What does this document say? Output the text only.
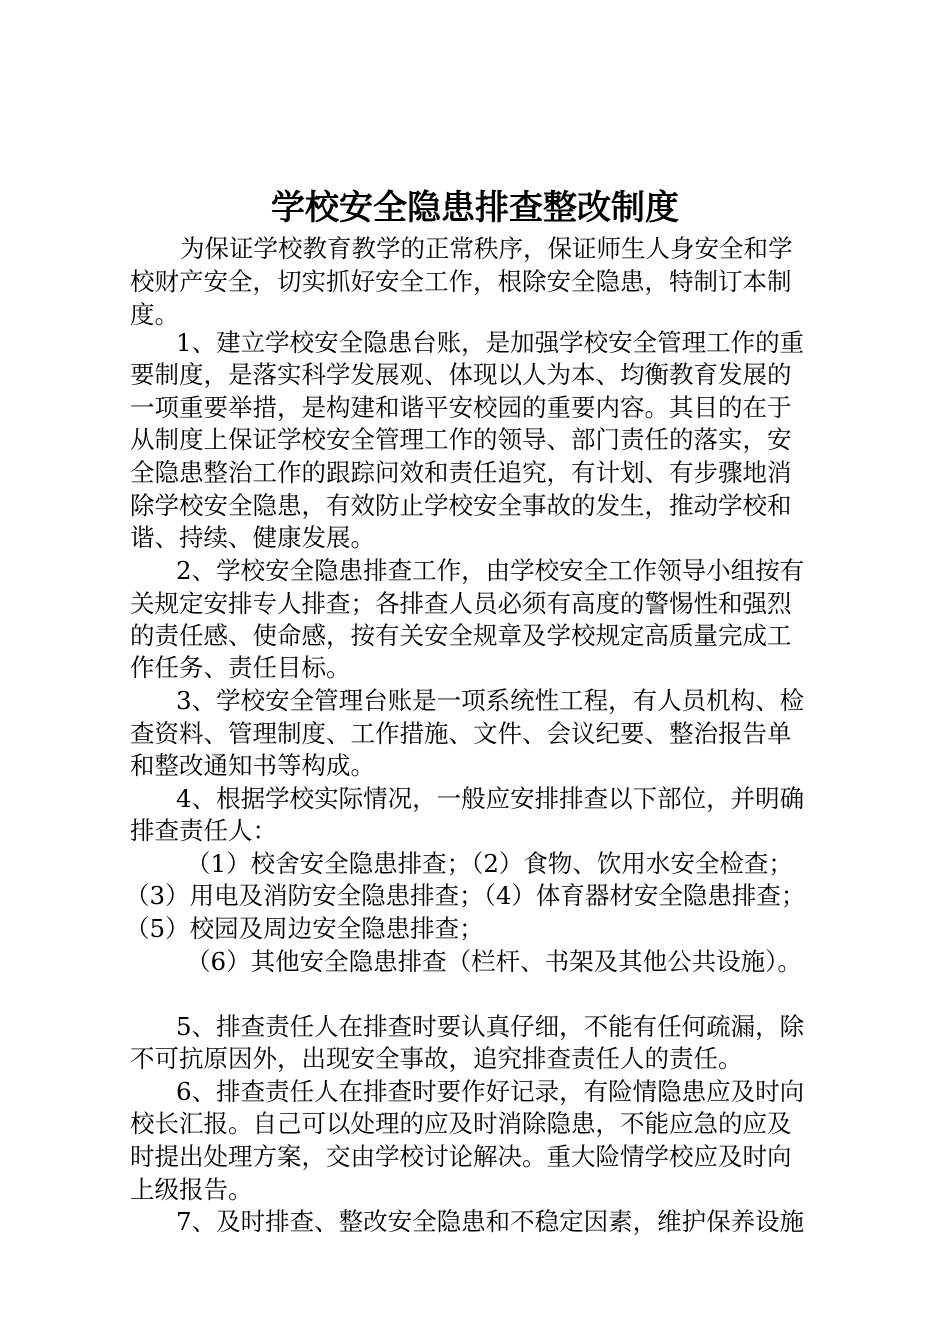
学校安全隐患排查整改制度
为保证学校教育教学的正常秩序，保证师生人身安全和学
校财产安全，切实抓好安全工作，根除安全隐患，特制订本制
度。
1、建立学校安全隐患台账，是加强学校安全管理工作的重
要制度，是落实科学发展观、体现以人为本、均衡教育发展的
一项重要举措，是构建和谐平安校园的重要内容。其目的在于
从制度上保证学校安全管理工作的领导、部门责任的落实，安
全隐患整治工作的跟踪问效和责任追究，有计划、有步骤地消
除学校安全隐患，有效防止学校安全事故的发生，推动学校和
谐、持续、健康发展。
2、学校安全隐患排查工作，由学校安全工作领导小组按有
关规定安排专人排查；各排查人员必须有高度的警惕性和强烈
的责任感、使命感，按有关安全规章及学校规定高质量完成工
作任务、责任目标。
3、学校安全管理台账是一项系统性工程，有人员机构、检
查资料、管理制度、工作措施、文件、会议纪要、整治报告单
和整改通知书等构成。
4、根据学校实际情况，一般应安排排查以下部位，并明确
排查责任人：
（1）校舍安全隐患排查；（2）食物、饮用水安全检查；
（3）用电及消防安全隐患排查；（4）体育器材安全隐患排查；
（5）校园及周边安全隐患排查；
（6）其他安全隐患排查（栏杆、书架及其他公共设施）。
5、排查责任人在排查时要认真仔细，不能有任何疏漏，除
不可抗原因外，出现安全事故，追究排查责任人的责任。
6、排查责任人在排查时要作好记录，有险情隐患应及时向
校长汇报。自己可以处理的应及时消除隐患，不能应急的应及
时提出处理方案，交由学校讨论解决。重大险情学校应及时向
上级报告。
7、及时排查、整改安全隐患和不稳定因素，维护保养设施
